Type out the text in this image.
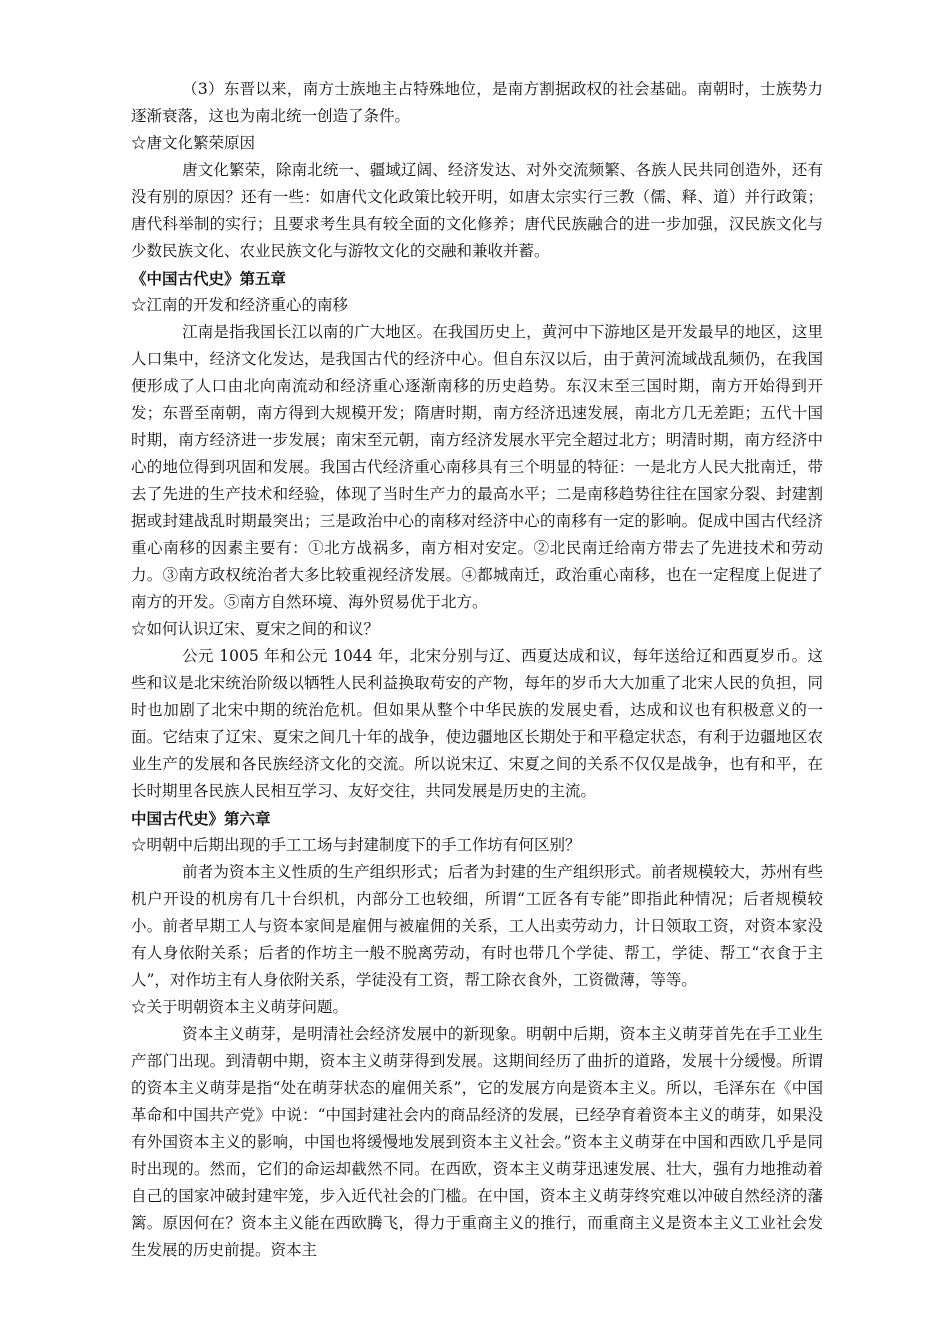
（3）东晋以来，南方士族地主占特殊地位，是南方割据政权的社会基础。南朝时，士族势力逐渐衰落，这也为南北统一创造了条件。

☆唐文化繁荣原因

唐文化繁荣，除南北统一、疆域辽阔、经济发达、对外交流频繁、各族人民共同创造外，还有没有别的原因？还有一些：如唐代文化政策比较开明，如唐太宗实行三教（儒、释、道）并行政策；唐代科举制的实行；且要求考生具有较全面的文化修养；唐代民族融合的进一步加强，汉民族文化与少数民族文化、农业民族文化与游牧文化的交融和兼收并蓄。

《中国古代史》第五章

☆江南的开发和经济重心的南移

江南是指我国长江以南的广大地区。在我国历史上，黄河中下游地区是开发最早的地区，这里人口集中，经济文化发达，是我国古代的经济中心。但自东汉以后，由于黄河流域战乱频仍，在我国便形成了人口由北向南流动和经济重心逐渐南移的历史趋势。东汉末至三国时期，南方开始得到开发；东晋至南朝，南方得到大规模开发；隋唐时期，南方经济迅速发展，南北方几无差距；五代十国时期，南方经济进一步发展；南宋至元朝，南方经济发展水平完全超过北方；明清时期，南方经济中心的地位得到巩固和发展。我国古代经济重心南移具有三个明显的特征：一是北方人民大批南迁，带去了先进的生产技术和经验，体现了当时生产力的最高水平；二是南移趋势往往在国家分裂、封建割据或封建战乱时期最突出；三是政治中心的南移对经济中心的南移有一定的影响。促成中国古代经济重心南移的因素主要有：①北方战祸多，南方相对安定。②北民南迁给南方带去了先进技术和劳动力。③南方政权统治者大多比较重视经济发展。④都城南迁，政治重心南移，也在一定程度上促进了南方的开发。⑤南方自然环境、海外贸易优于北方。

☆如何认识辽宋、夏宋之间的和议？

公元 1005 年和公元 1044 年，北宋分别与辽、西夏达成和议，每年送给辽和西夏岁币。这些和议是北宋统治阶级以牺牲人民利益换取苟安的产物，每年的岁币大大加重了北宋人民的负担，同时也加剧了北宋中期的统治危机。但如果从整个中华民族的发展史看，达成和议也有积极意义的一面。它结束了辽宋、夏宋之间几十年的战争，使边疆地区长期处于和平稳定状态，有利于边疆地区农业生产的发展和各民族经济文化的交流。所以说宋辽、宋夏之间的关系不仅仅是战争，也有和平，在长时期里各民族人民相互学习、友好交往，共同发展是历史的主流。

中国古代史》第六章

☆明朝中后期出现的手工工场与封建制度下的手工作坊有何区别？

前者为资本主义性质的生产组织形式；后者为封建的生产组织形式。前者规模较大，苏州有些机户开设的机房有几十台织机，内部分工也较细，所谓“工匠各有专能”即指此种情况；后者规模较小。前者早期工人与资本家间是雇佣与被雇佣的关系，工人出卖劳动力，计日领取工资，对资本家没有人身依附关系；后者的作坊主一般不脱离劳动，有时也带几个学徒、帮工，学徒、帮工“衣食于主人”，对作坊主有人身依附关系，学徒没有工资，帮工除衣食外，工资微薄，等等。

☆关于明朝资本主义萌芽问题。

资本主义萌芽，是明清社会经济发展中的新现象。明朝中后期，资本主义萌芽首先在手工业生产部门出现。到清朝中期，资本主义萌芽得到发展。这期间经历了曲折的道路，发展十分缓慢。所谓的资本主义萌芽是指“处在萌芽状态的雇佣关系”，它的发展方向是资本主义。所以，毛泽东在《中国革命和中国共产党》中说：“中国封建社会内的商品经济的发展，已经孕育着资本主义的萌芽，如果没有外国资本主义的影响，中国也将缓慢地发展到资本主义社会。”资本主义萌芽在中国和西欧几乎是同时出现的。然而，它们的命运却截然不同。在西欧，资本主义萌芽迅速发展、壮大，强有力地推动着自己的国家冲破封建牢笼，步入近代社会的门槛。在中国，资本主义萌芽终究难以冲破自然经济的藩篱。原因何在？资本主义能在西欧腾飞，得力于重商主义的推行，而重商主义是资本主义工业社会发生发展的历史前提。资本主
